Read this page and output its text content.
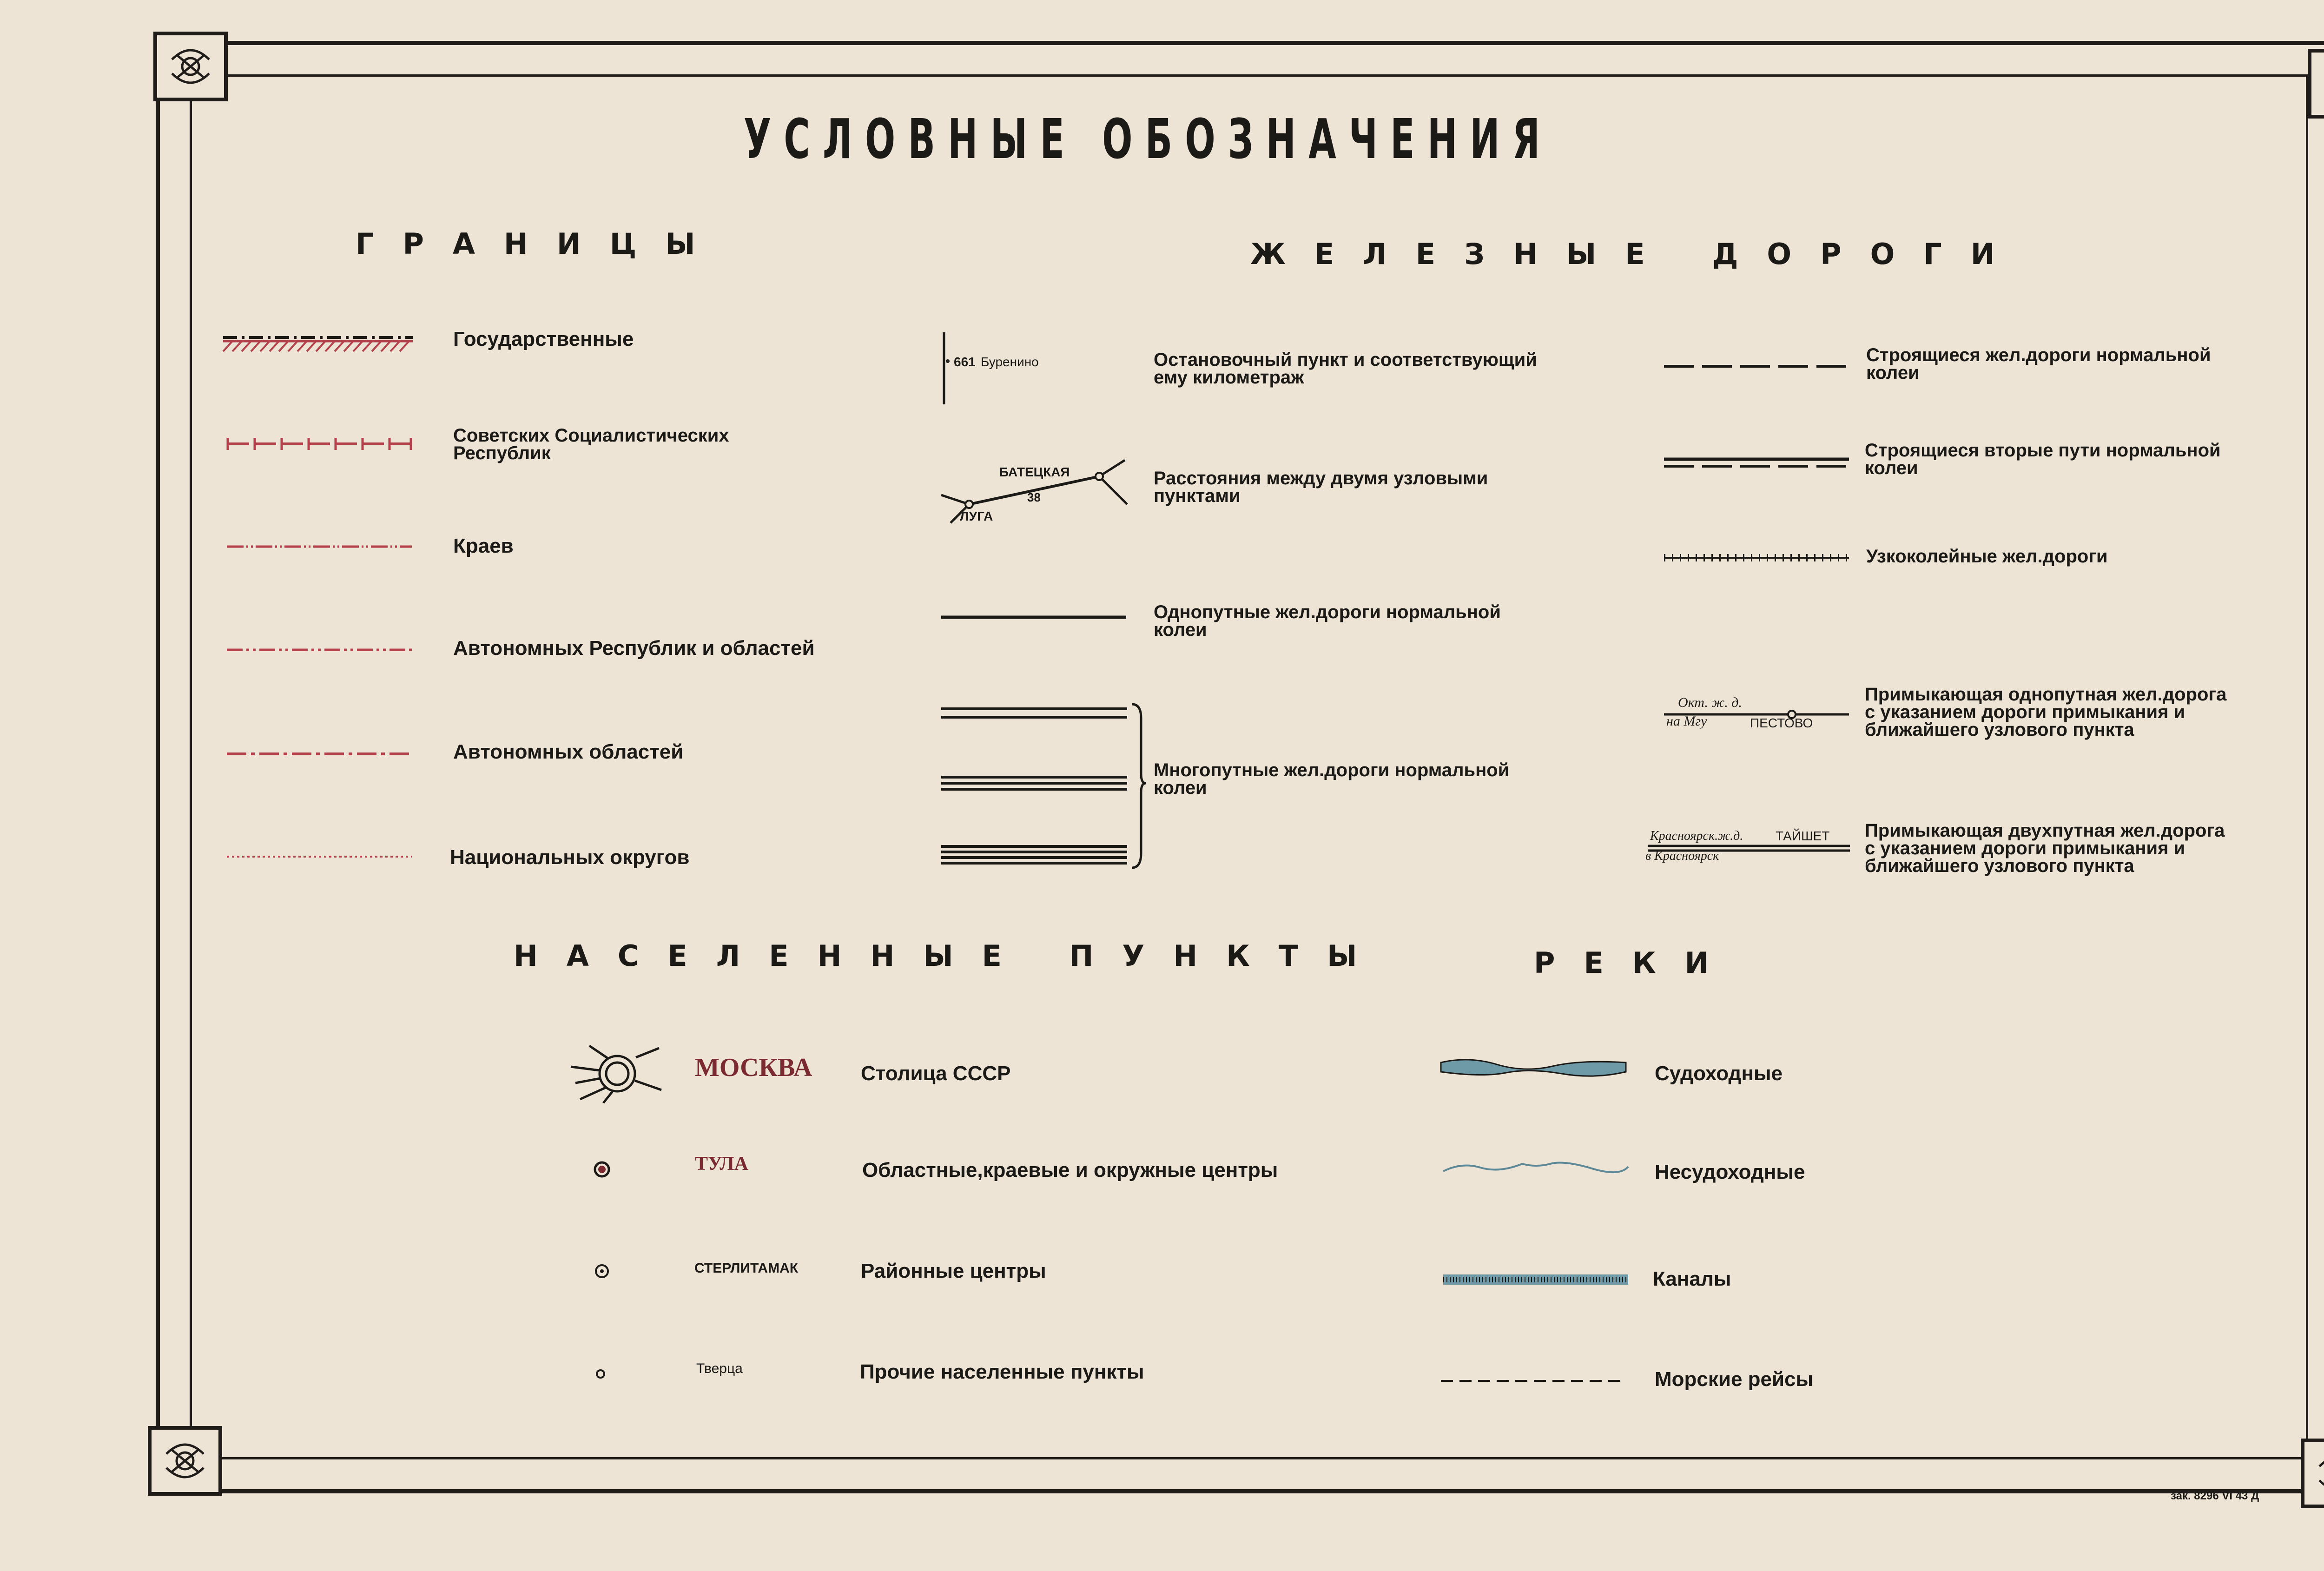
УСЛОВНЫЕ ОБОЗНАЧЕНИЯ
ГРАНИЦЫ
Государственные
Советских Социалистических
Республик
Краев
Автономных Республик и областей
Автономных областей
Национальных округов
ЖЕЛЕЗНЫЕ ДОРОГИ
661 Буренино	Остановочный пункт и соответствующий
ему километраж
БАТЕЦКАЯ
ЛУГА
38
Расстояния между двумя узловыми
пунктами
Однопутные жел.дороги нормальной
колеи
Многопутные жел.дороги нормальной
колеи
Строящиеся жел.дороги нормальной
колеи
Строящиеся вторые пути нормальной
колеи
Узкоколейные жел.дороги
Окт. ж. д.
на Мгу	ПЕСТОВО
Примыкающая однопутная жел.дорога
с указанием дороги примыкания и
ближайшего узлового пункта
Красноярск.ж.д. ТАЙШЕТ
в Красноярск
Примыкающая двухпутная жел.дорога
с указанием дороги примыкания и
ближайшего узлового пункта
НАСЕЛЕННЫЕ ПУНКТЫ
МОСКВА Столица СССР
ТУЛА	Областные,краевые и окружные центры
СТЕРЛИТАМАК	Районные центры
Тверца	Прочие населенные пункты
РЕКИ
Судоходные
Несудоходные
Каналы
Морские рейсы
зак. 8296 VI 43 Д
